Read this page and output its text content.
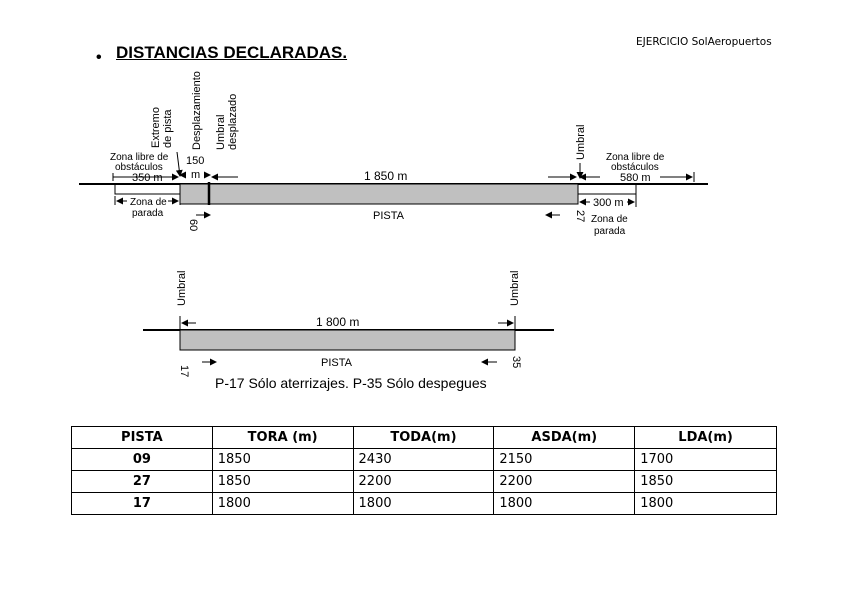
EJERCICIO SolAeropuertos
• DISTANCIAS DECLARADAS.
Extremo de pista Desplazamiento Umbral desplazado	Umbral
Zona libre de
obstáculos
350 m
150
m	1 850 m
Zona libre de
obstáculos
580 m
Zona de
parada
60
PISTA	27
300 m
Zona de
parada
Umbral	Umbral
1 800 m
17
PISTA	35
P-17 Sólo aterrizajes. P-35 Sólo despegues
PISTA	TORA (m)	TODA(m)	ASDA(m)	LDA(m)
09	1850	2430	2150	1700
27	1850	2200	2200	1850
17	1800	1800	1800	1800
